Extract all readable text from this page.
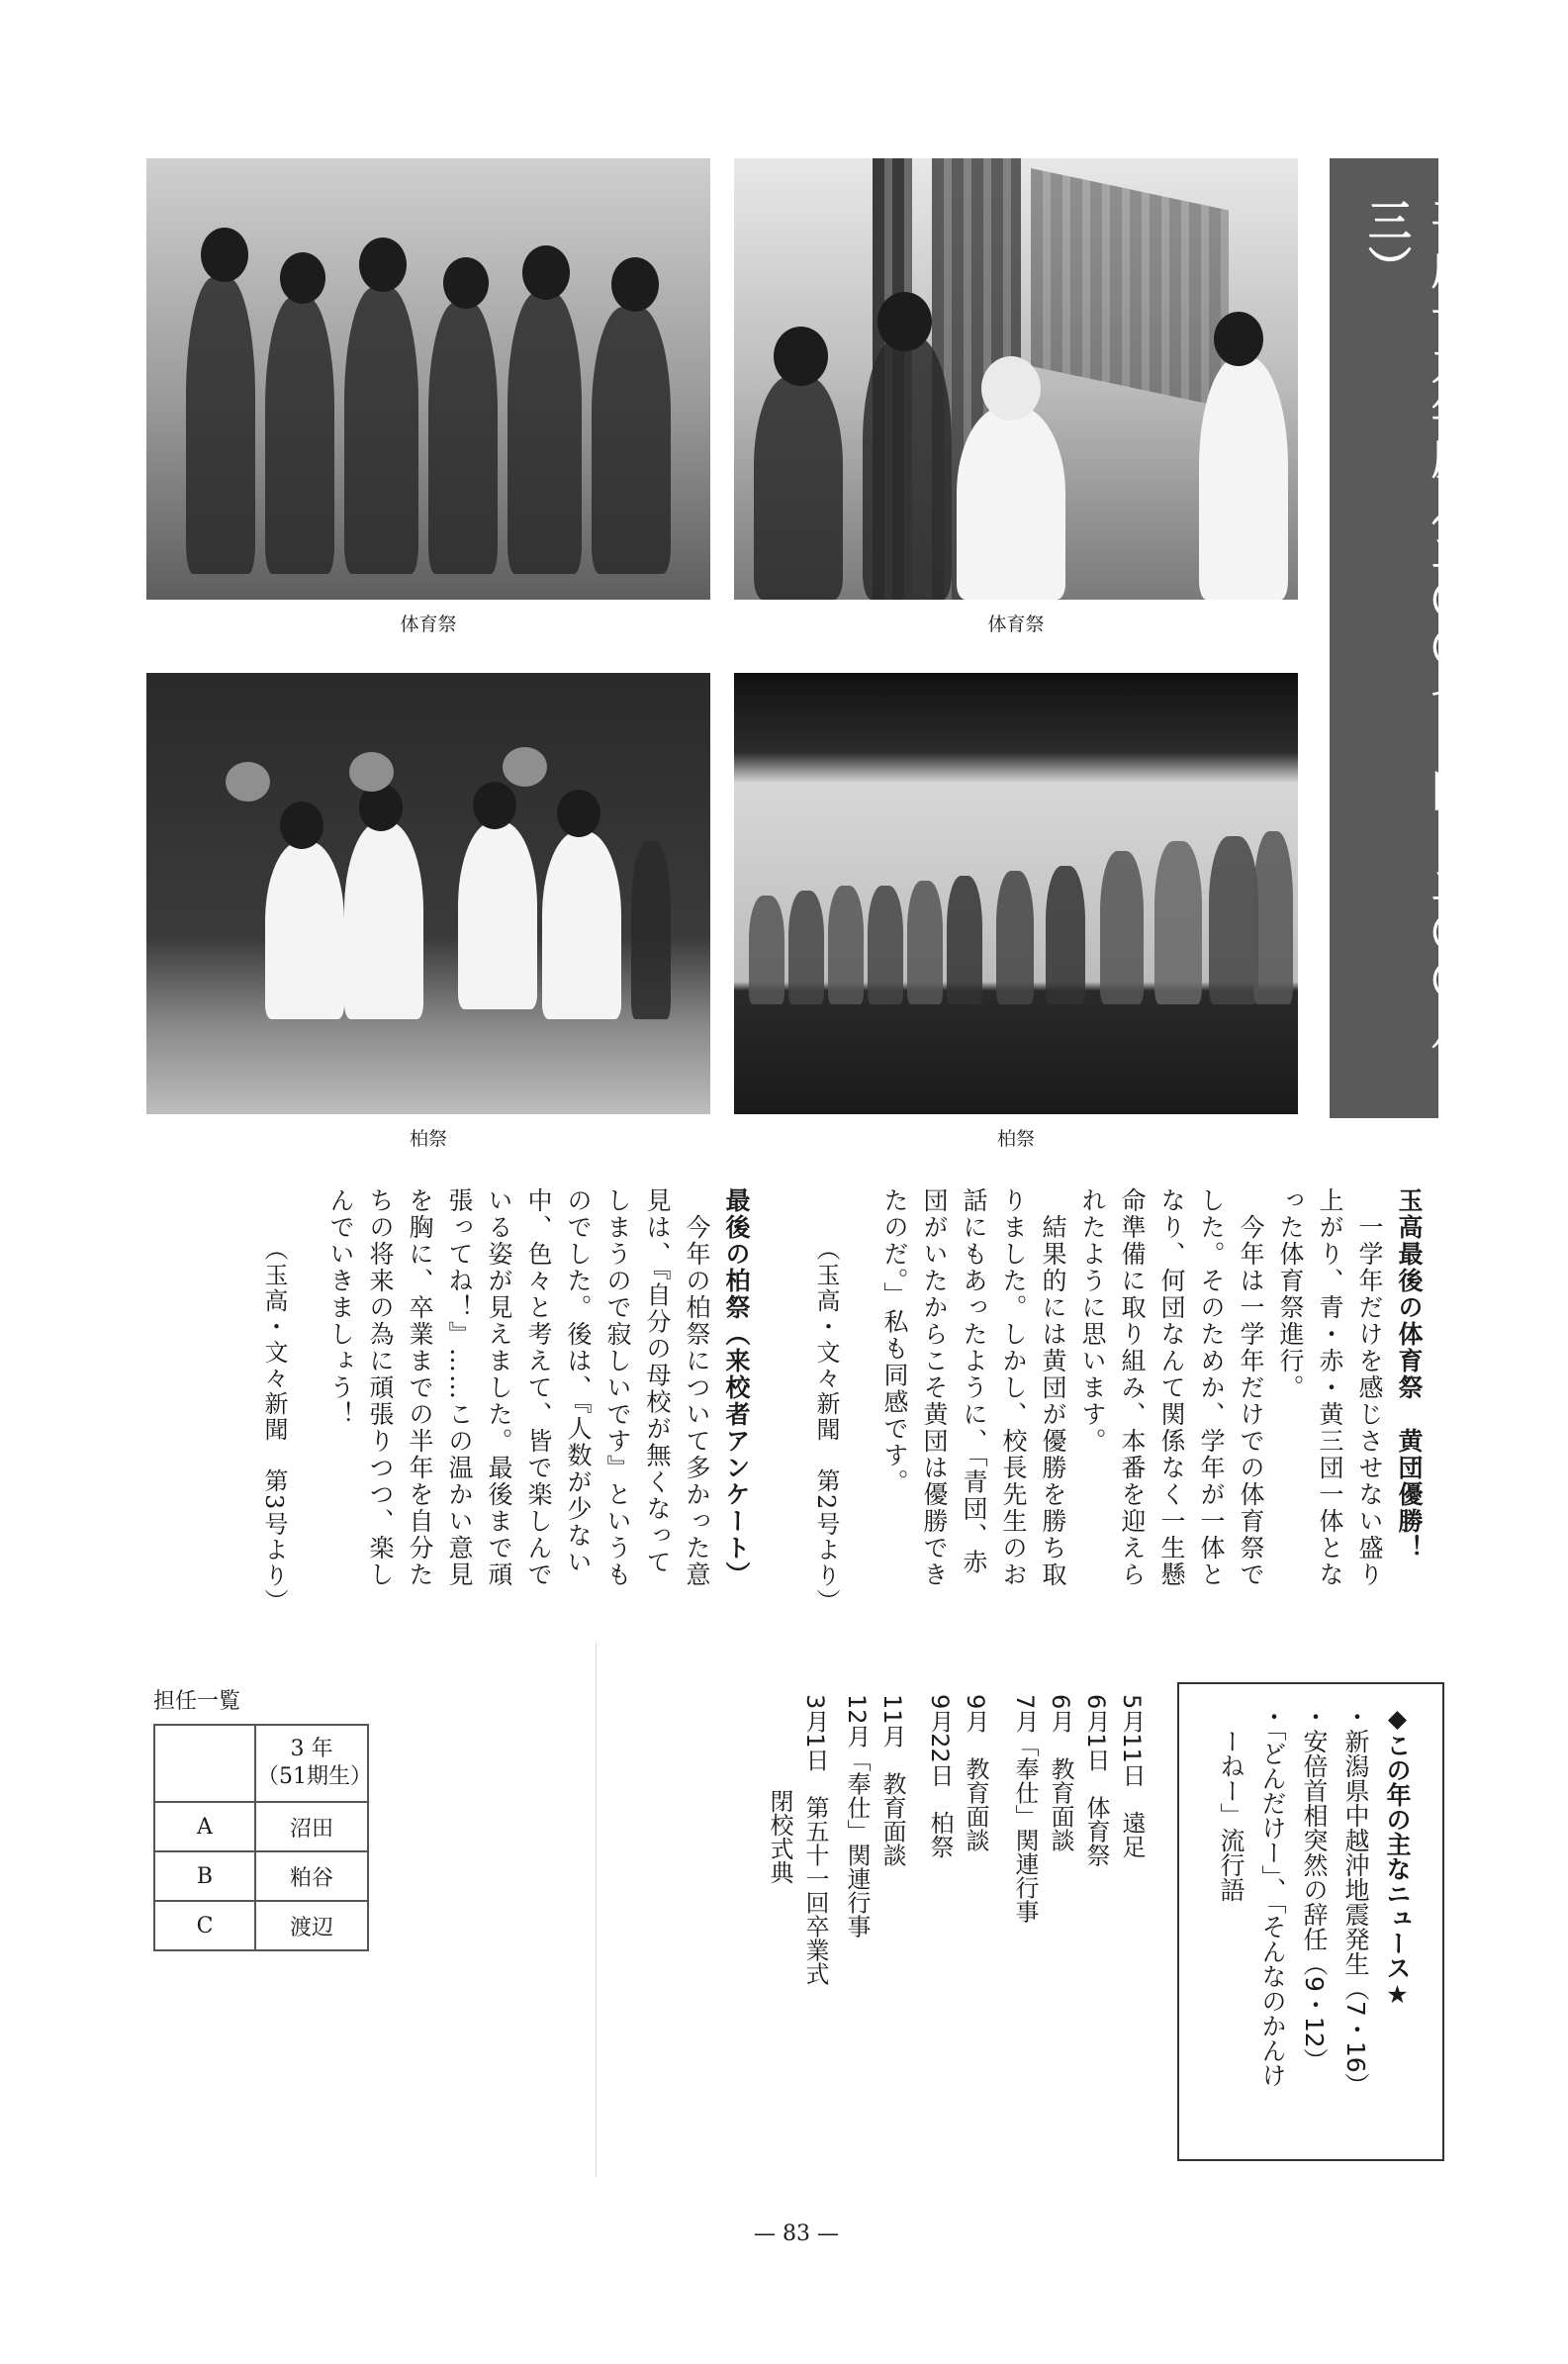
平成十九年度（二〇〇七・四〜二〇〇八・三）
体育祭	体育祭
柏祭	柏祭
玉高最後の体育祭　黄団優勝！
　一学年だけを感じさせない盛り
上がり、青・赤・黄三団一体とな
った体育祭進行。
　今年は一学年だけでの体育祭で
した。そのためか、学年が一体と
なり、何団なんて関係なく一生懸
命準備に取り組み、本番を迎えら
れたように思います。
　結果的には黄団が優勝を勝ち取
りました。しかし、校長先生のお
話にもあったように、「青団、赤
団がいたからこそ黄団は優勝でき
たのだ。」私も同感です。
（玉高・文々新聞　第2号より）
最後の柏祭（来校者アンケート）
　今年の柏祭について多かった意
見は、『自分の母校が無くなって
しまうので寂しいです』というも
のでした。後は、『人数が少ない
中、色々と考えて、皆で楽しんで
いる姿が見えました。最後まで頑
張ってね！』……この温かい意見
を胸に、卒業までの半年を自分た
ちの将来の為に頑張りつつ、楽し
んでいきましょう！
（玉高・文々新聞　第3号より）
◆この年の主なニュース★
・新潟県中越沖地震発生（7・16）
・安倍首相突然の辞任（9・12）
・「どんだけー」、「そんなのかんけ
　ーねー」流行語
5月11日　遠足
6月1日　体育祭
6月　教育面談
7月「奉仕」関連行事
9月　教育面談
9月22日　柏祭
11月　教育面談
12月「奉仕」関連行事
3月1日　第五十一回卒業式
　　　　閉校式典
担任一覧

	3 年
（51期生）

A	沼田
B	粕谷
C	渡辺
— 83 —
